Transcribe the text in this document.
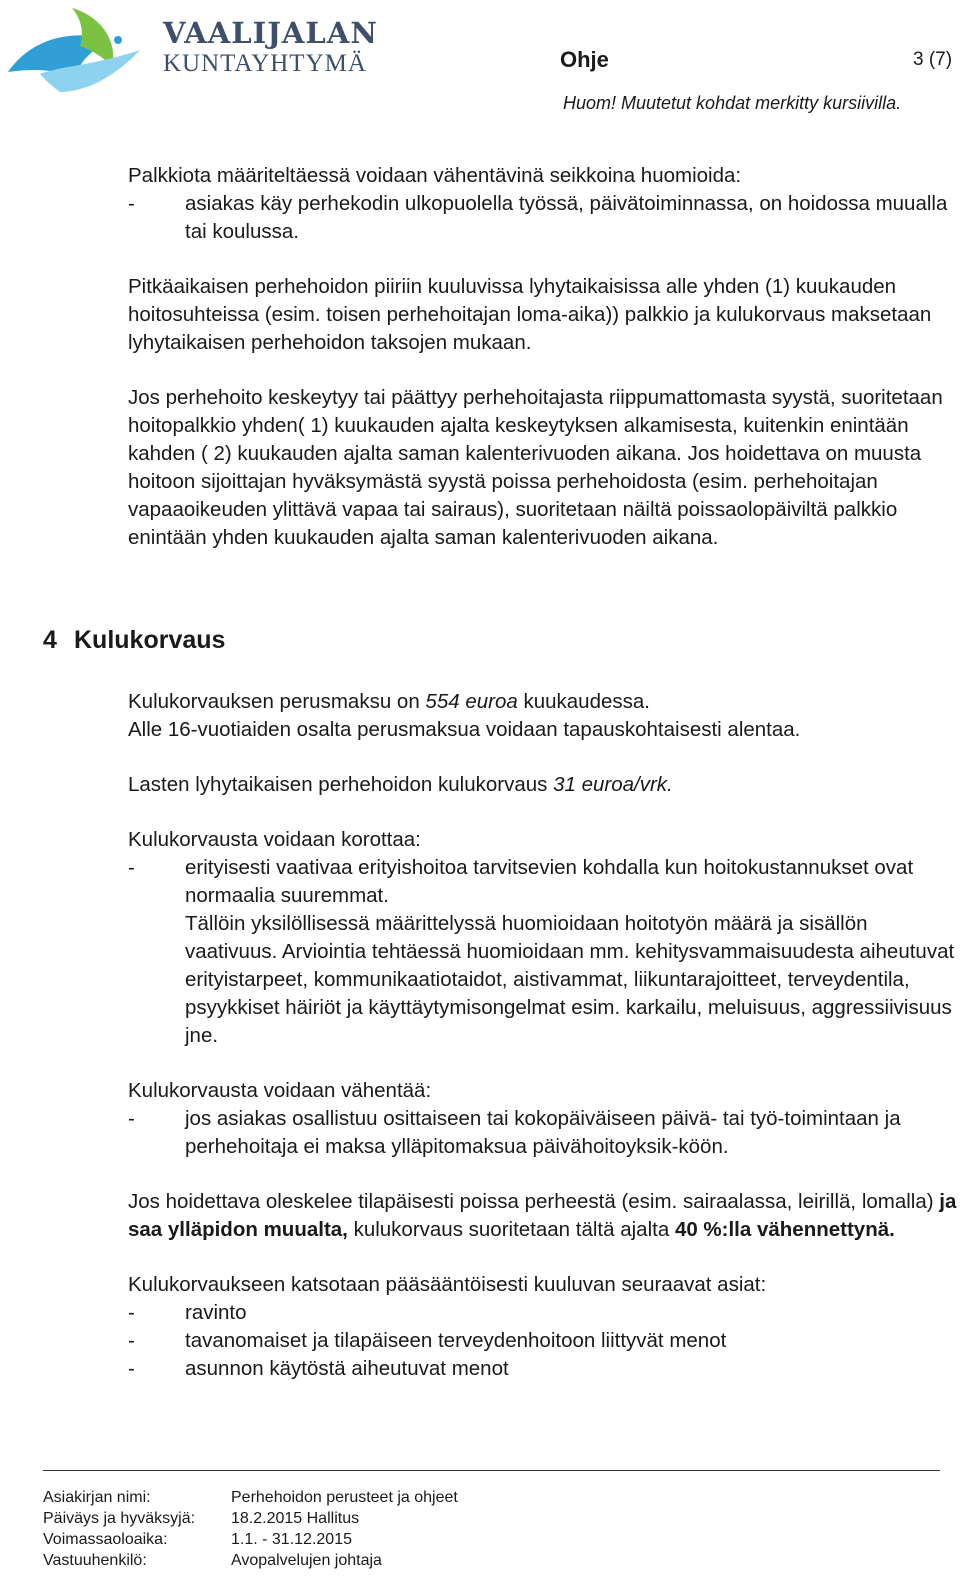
VAALIJALAN
KUNTAYHTYMÄ	Ohje	3 (7)
Huom! Muutetut kohdat merkitty kursiivilla.

Palkkiota määriteltäessä voidaan vähentävinä seikkoina huomioida:

-	asiakas käy perhekodin ulkopuolella työssä, päivätoiminnassa, on hoidossa muualla tai koulussa.

Pitkäaikaisen perhehoidon piiriin kuuluvissa lyhytaikaisissa alle yhden (1) kuukauden hoitosuhteissa (esim. toisen perhehoitajan loma-aika)) palkkio ja kulukorvaus maksetaan lyhytaikaisen perhehoidon taksojen mukaan.

Jos perhehoito keskeytyy tai päättyy perhehoitajasta riippumattomasta syystä, suoritetaan hoitopalkkio yhden( 1) kuukauden ajalta keskeytyksen alkamisesta, kuitenkin enintään kahden ( 2) kuukauden ajalta saman kalenterivuoden aikana. Jos hoidettava on muusta hoitoon sijoittajan hyväksymästä syystä poissa perhehoidosta (esim. perhehoitajan vapaaoikeuden ylittävä vapaa tai sairaus), suoritetaan näiltä poissaolopäiviltä palkkio enintään yhden kuukauden ajalta saman kalenterivuoden aikana.

4 Kulukorvaus

Kulukorvauksen perusmaksu on 554 euroa kuukaudessa.

Alle 16-vuotiaiden osalta perusmaksua voidaan tapauskohtaisesti alentaa.

Lasten lyhytaikaisen perhehoidon kulukorvaus 31 euroa/vrk.

Kulukorvausta voidaan korottaa:

-	erityisesti vaativaa erityishoitoa tarvitsevien kohdalla kun hoitokustannukset ovat normaalia suuremmat.

Tällöin yksilöllisessä määrittelyssä huomioidaan hoitotyön määrä ja sisällön vaativuus. Arviointia tehtäessä huomioidaan mm. kehitysvammaisuudesta aiheutuvat erityistarpeet, kommunikaatiotaidot, aistivammat, liikuntarajoitteet, terveydentila, psyykkiset häiriöt ja käyttäytymisongelmat esim. karkailu, meluisuus, aggressiivisuus jne.

Kulukorvausta voidaan vähentää:

-	jos asiakas osallistuu osittaiseen tai kokopäiväiseen päivä- tai työ-toimintaan ja perhehoitaja ei maksa ylläpitomaksua päivähoitoyksik-köön.

Jos hoidettava oleskelee tilapäisesti poissa perheestä (esim. sairaalassa, leirillä, lomalla) ja saa ylläpidon muualta, kulukorvaus suoritetaan tältä ajalta 40 %:lla vähennettynä.

Kulukorvaukseen katsotaan pääsääntöisesti kuuluvan seuraavat asiat:

-	ravinto
-	tavanomaiset ja tilapäiseen terveydenhoitoon liittyvät menot
-	asunnon käytöstä aiheutuvat menot
Asiakirjan nimi:	Perhehoidon perusteet ja ohjeet
Päiväys ja hyväksyjä:	18.2.2015 Hallitus
Voimassaoloaika:	1.1. - 31.12.2015
Vastuuhenkilö:	Avopalvelujen johtaja
